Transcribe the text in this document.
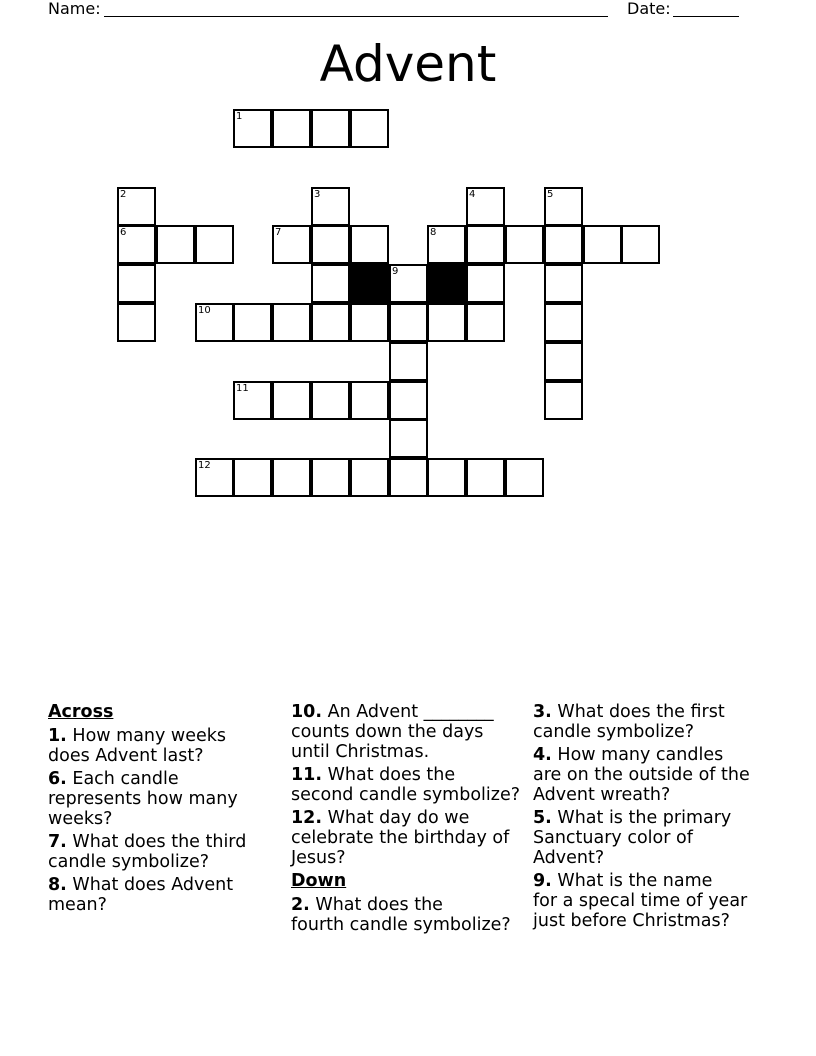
Name:	Date:
Advent
1
2	3	4	5
6	7	8
9
10
11
12
Across
1. How many weeks
does Advent last?
6. Each candle
represents how many
weeks?
7. What does the third
candle symbolize?
8. What does Advent
mean?
10. An Advent ________
counts down the days
until Christmas.
11. What does the
second candle symbolize?
12. What day do we
celebrate the birthday of
Jesus?
Down
2. What does the
fourth candle symbolize?
3. What does the first
candle symbolize?
4. How many candles
are on the outside of the
Advent wreath?
5. What is the primary
Sanctuary color of
Advent?
9. What is the name
for a specal time of year
just before Christmas?
